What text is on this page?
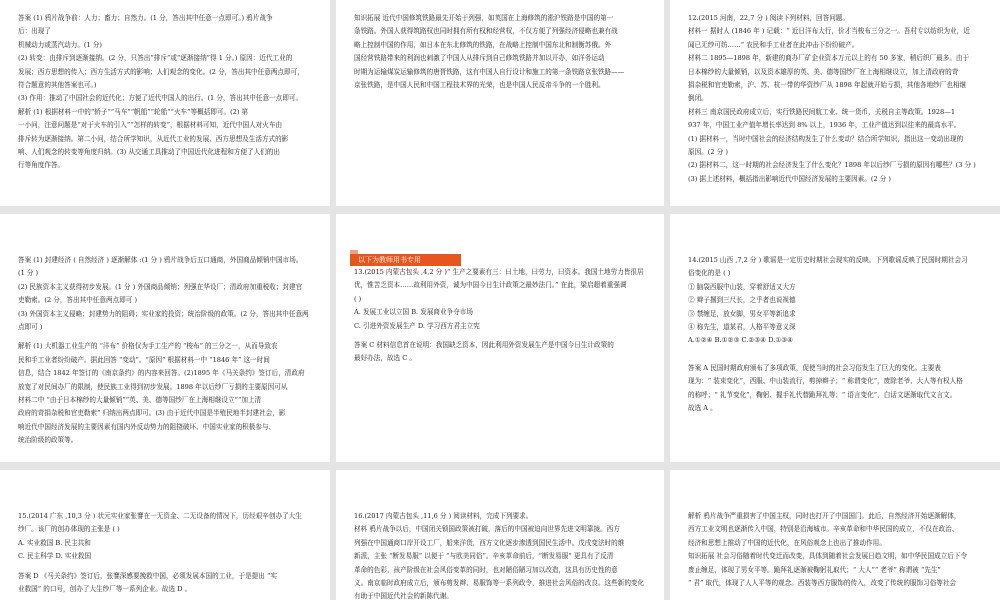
答案 (1) 鸦片战争前：人力；畜力；自然力。(1 分，答出其中任意一点即可。) 鸦片战争
后：出现了
机械动力或蒸汽动力。(1 分)
(2) 转变：由排斥到逐渐接纳。(2 分，只答出“排斥”或“逐渐接纳”得 1 分。) 原因：近代工业的
发展；西方思想的传入；西方生活方式的影响；人们观念的变化。(2 分，答出其中任意两点即可，
符合题意的其他答案也可。)
(3) 作用：推动了中国社会的近代化；方便了近代中国人的出行。(1 分，答出其中任意一点即可。
解析 (1) 根据材料一中的“轿子”“马车”“帆船”“轮船”“火车”等概括即可。(2) 第
一小问，注意问题是“对于火车的引入”“怎样的转变”，根据材料可知，近代中国人对火车由
排斥转为逐渐接纳。第二小问，结合所学知识，从近代工业的发展、西方思想及生活方式的影
响、人们观念的转变等角度归纳。(3) 从交通工具推动了中国近代化进程和方便了人们的出
行等角度作答。
知识拓展 近代中国修筑铁路最先开始于列强，如英国在上海修筑的淞沪铁路是中国的第一
条铁路。外国人获得筑路权也同时拥有所有权和经营权，不仅方便了列强经济侵略也兼有战
略上控制中国的作用，如日本在东北修筑的铁路，在战略上控制中国东北和制衡苏俄。外
国经营铁路带来的利润也刺激了中国人从排斥到自己修筑铁路并加以开办，如洋务运动
时期为运输煤炭运输修筑的唐胥铁路，这有中国人自行设计和施工的第一条铁路京张铁路——
京张铁路，是中国人民和中国工程技术界的光荣，也是中国人民反帝斗争的一个胜利。
12.(2015 河南，22,7 分 ) 阅读下列材料，回答问题。
材料一 据时人 (1846 年 ) 记载：“ 近日洋布大行，价才当梭布三分之一。吾村专以纺织为业，近
闻已无纱可纺……” 农民和手工业者在此冲击下纷纷破产。
材料二 1895—1898 年，新建的商办厂矿企业资本万元以上的有 50 多家，稍后织厂最多。由于
日本棉纱的大量倾销，以及资本雄厚的英、美、德等国纱厂在上海相继设立，加上清政府的苛
捐杂税和官吏勒索，沪、苏、杭一带的华资纱厂从 1898 年起就开始亏损，其他各地纱厂也相继
倒闭。
材料三 南京国民政府成立后，实行铁路民间航工业、统一货币，关税自主等政策。1928—1
937 年，中国工业产值年增长率达到 8% 以上，1936 年，工业产值达到以往来的最高水平。
(1) 据材料一，当时中国社会的经济结构发生了什么变动？结合所学知识，指出这一变动出现的
原因。(2 分 )
(2) 据材料二，这一时期的社会经济发生了什么变化？1898 年以后纱厂亏损的原因有哪些？(3 分 )
(3) 据上述材料，概括指出影响近代中国经济发展的主要因素。(2 分 )
答案 (1) 封建经济 ( 自然经济 ) 逐渐解体 :(1 分 ) 鸦片战争后五口通商，外国商品倾销中国市场。
(1 分 )
(2) 民族资本主义获得初步发展。(1 分 ) 外国商品倾销；列强在华设厂；清政府加重税收；封建官
吏勒索。(2 分，答出其中任意两点即可 )
(3) 外国资本主义侵略；封建势力的阻碍；实业家的投资；统治阶级的政策。(2 分，答出其中任意两
点即可 )
解析 (1) 大机器工业生产的 “洋布” 价格仅为手工生产的 “梭布” 的三分之一，从而导致农
民和手工业者纷纷破产。据此回答 “变动”。“原因” 根据材料一中 “1846 年” 这一时间
信息，结合 1842 年签订的《南京条约》的内容来回答。(2)1895 年《马关条约》签订后，清政府
放宽了对民间办厂的限制，使民族工业得到初步发展。1898 年以后纱厂亏损的主要原因可从
材料二中 “由于日本棉纱的大量倾销”“英、美、德等国纱厂在上海相继设立”“加上清
政府的苛捐杂税和官吏勒索” 归纳出两点即可。(3) 由于近代中国是半殖民地半封建社会，影
响近代中国经济发展的主要因素有国内外反动势力的阻挠破坏、中国实业家的积极参与、
统治阶级的政策等。
以下为教师用书专用
13.(2015 内蒙古包头 ,4,2 分 )“ 生产之要素有三：曰土地，曰劳力，曰资本。我国土地劳力皆很居
优，惟苦乏资本……故利用外资，诚为中国今日生计政策之最妙法门。” 在此，梁启超着重强调
( )
A. 发展工业以立国 B. 发展商业争夺市场
C. 引进外资发展生产 D. 学习西方君主立宪
答案 C 材料信息首在说明：我国缺乏资本，因此利用外资发展生产是中国今日生计政策的
最好办法，故选 C 。
14.(2015 山西 ,7,2 分 ) 歌谣是一定历史时期社会现实的反映。下列歌谣反映了民国时期社会习
俗变化的是 ( )
① 脑袋西服中山装，穿着舒适又大方
② 辫子撂到三尺长，之乎者也说视德
③ 禁缠足，放女脚，男女平等新追求
④ 称先生，道某君，人格平等意义深
A.①②④ B.①②③ C.②③④ D.①③④
答案 A 民国时期政府颁布了多项政策，促使当时的社会习俗发生了巨大的变化。主要表
现为：“ 装束变化”，西服、中山装流行，剪掉辫子；“ 称谓变化”，废除老爷、大人等有权人格
的称呼；“ 礼节变化”，鞠躬、握手礼代替跪拜礼等；“ 语言变化”，白话文逐渐取代文言文。
故选 A 。
15.(2014 广东 ,10,3 分 ) 状元实业家张謇在一无资金、二无设备的情况下，历经艰辛创办了大生
纱厂。该厂的创办体现的主张是 ( )
A. 实业救国 B. 民主共和
C. 民主科学 D. 实业救国
答案 D 《马关条约》签订后，张謇深感要挽救中国，必须发展本国的工业，于是提出 “实
业救国” 的口号，创办了大生纱厂等一系列企业。故选 D 。
16.(2017 内蒙古包头 ,11,6 分 ) 阅读材料，完成下列要求。
材料 鸦片战争以后，中国闭关锁国政策被打破，落后的中国被迫向世界先进文明靠拢。西方
列强在中国通商口岸开设工厂，船来洋货，西方文化逐步渗透到国民生活中。戊戌变法时的维
新派，主张 “断发易服” 以便于 “与欧美同俗”。辛亥革命前后，“断发易服” 更具有了反清
革命的色彩，孩产阶级在社会风俗变革的同时，也对陋俗陋习加以改造，这具有历史性的意
义。南京临时政府成立后，颁布剪发辫、易服饰等一系列政令，推进社会风俗的改良。这些新的变化
有助于中国近代社会的新陈代谢。
解析 鸦片战争严重损害了中国主权，同时也打开了中国国门。此后，自然经济开始逐渐解体，
西方工业文明也逐渐传入中国，特别是沿海城市。辛亥革命和中华民国的成立，不仅在政治、
经济和思想上推动了中国的近代化，在风俗观念上也出了推动作用。
知识拓展 社会习俗随着时代变迁而改变，具体到随着社会发展日趋文明，如中华民国成立后下令
废止缠足，体现了男女平等。跪拜礼逐渐被鞠躬礼取代；“ 大人”“ 老爷” 称谓被 “先生”
“ 君” 取代，体现了人人平等的观念。西装等西方服饰的传入，改变了传统的服饰习俗等社会
